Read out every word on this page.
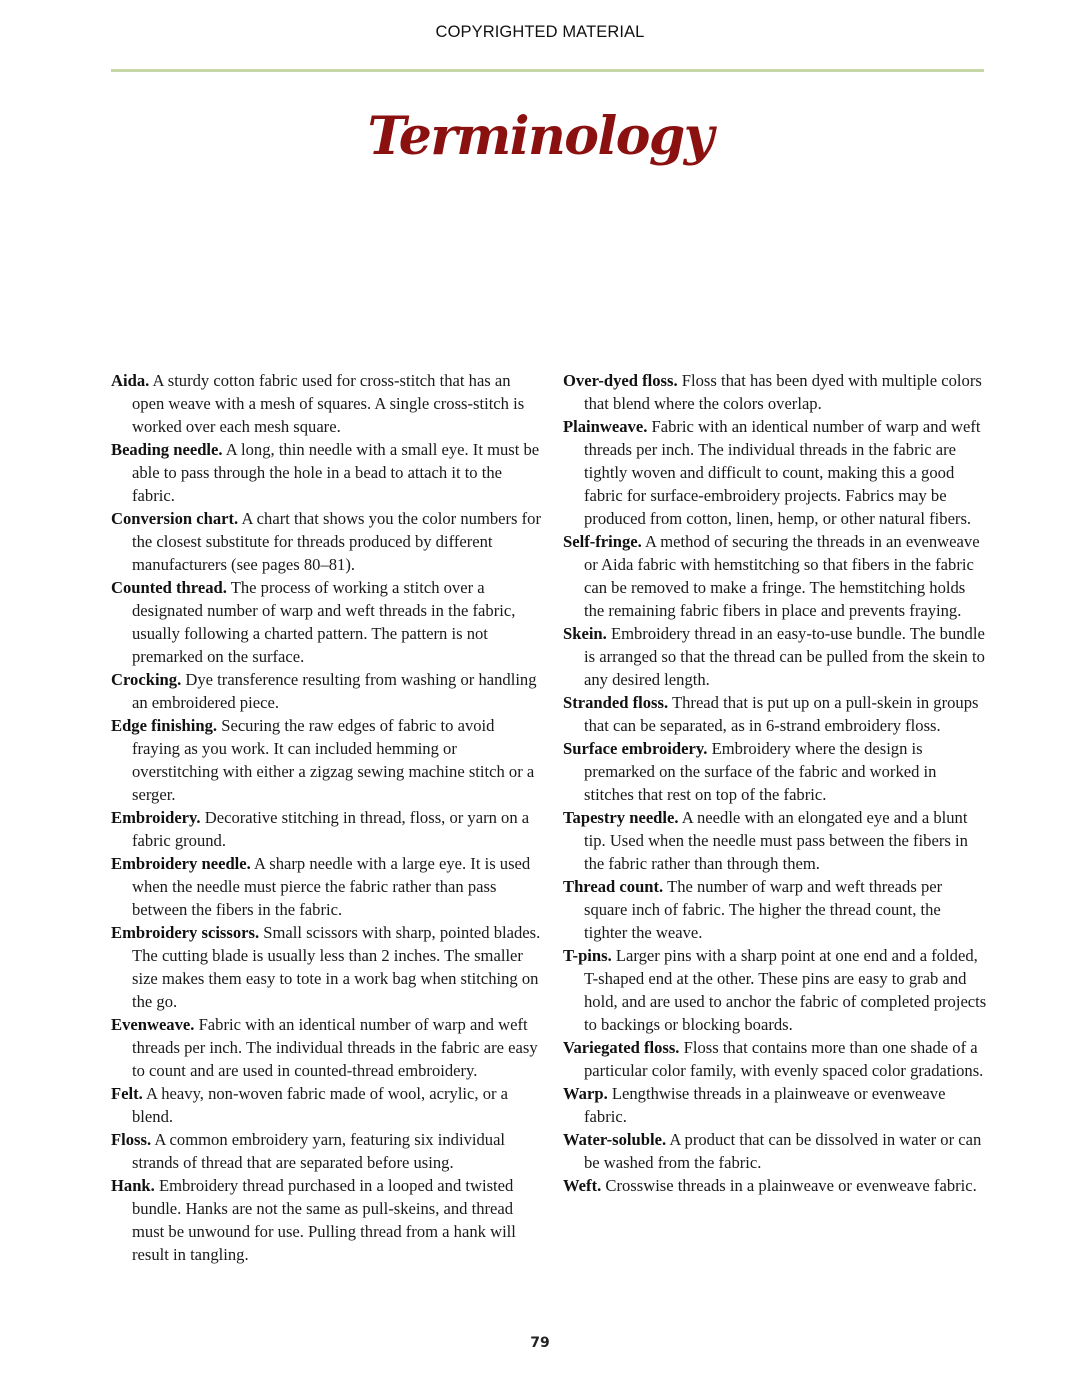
COPYRIGHTED MATERIAL
Terminology

Aida. A sturdy cotton fabric used for cross-stitch that has an open weave with a mesh of squares. A single cross-stitch is worked over each mesh square.

Beading needle. A long, thin needle with a small eye. It must be able to pass through the hole in a bead to attach it to the fabric.

Conversion chart. A chart that shows you the color numbers for the closest substitute for threads produced by different manufacturers (see pages 80–81).

Counted thread. The process of working a stitch over a designated number of warp and weft threads in the fabric, usually following a charted pattern. The pattern is not premarked on the surface.

Crocking. Dye transference resulting from washing or handling an embroidered piece.

Edge finishing. Securing the raw edges of fabric to avoid fraying as you work. It can included hemming or overstitching with either a zigzag sewing machine stitch or a serger.

Embroidery. Decorative stitching in thread, floss, or yarn on a fabric ground.

Embroidery needle. A sharp needle with a large eye. It is used when the needle must pierce the fabric rather than pass between the fibers in the fabric.

Embroidery scissors. Small scissors with sharp, pointed blades. The cutting blade is usually less than 2 inches. The smaller size makes them easy to tote in a work bag when stitching on the go.

Evenweave. Fabric with an identical number of warp and weft threads per inch. The individual threads in the fabric are easy to count and are used in counted-thread embroidery.

Felt. A heavy, non-woven fabric made of wool, acrylic, or a blend.

Floss. A common embroidery yarn, featuring six individual strands of thread that are separated before using.

Hank. Embroidery thread purchased in a looped and twisted bundle. Hanks are not the same as pull-skeins, and thread must be unwound for use. Pulling thread from a hank will result in tangling.

Over-dyed floss. Floss that has been dyed with multiple colors that blend where the colors overlap.

Plainweave. Fabric with an identical number of warp and weft threads per inch. The individual threads in the fabric are tightly woven and difficult to count, making this a good fabric for surface-embroidery projects. Fabrics may be produced from cotton, linen, hemp, or other natural fibers.

Self-fringe. A method of securing the threads in an evenweave or Aida fabric with hemstitching so that fibers in the fabric can be removed to make a fringe. The hemstitching holds the remaining fabric fibers in place and prevents fraying.

Skein. Embroidery thread in an easy-to-use bundle. The bundle is arranged so that the thread can be pulled from the skein to any desired length.

Stranded floss. Thread that is put up on a pull-skein in groups that can be separated, as in 6-strand embroidery floss.

Surface embroidery. Embroidery where the design is premarked on the surface of the fabric and worked in stitches that rest on top of the fabric.

Tapestry needle. A needle with an elongated eye and a blunt tip. Used when the needle must pass between the fibers in the fabric rather than through them.

Thread count. The number of warp and weft threads per square inch of fabric. The higher the thread count, the tighter the weave.

T-pins. Larger pins with a sharp point at one end and a folded, T-shaped end at the other. These pins are easy to grab and hold, and are used to anchor the fabric of completed projects to backings or blocking boards.

Variegated floss. Floss that contains more than one shade of a particular color family, with evenly spaced color gradations.

Warp. Lengthwise threads in a plainweave or evenweave fabric.

Water-soluble. A product that can be dissolved in water or can be washed from the fabric.

Weft. Crosswise threads in a plainweave or evenweave fabric.

79
